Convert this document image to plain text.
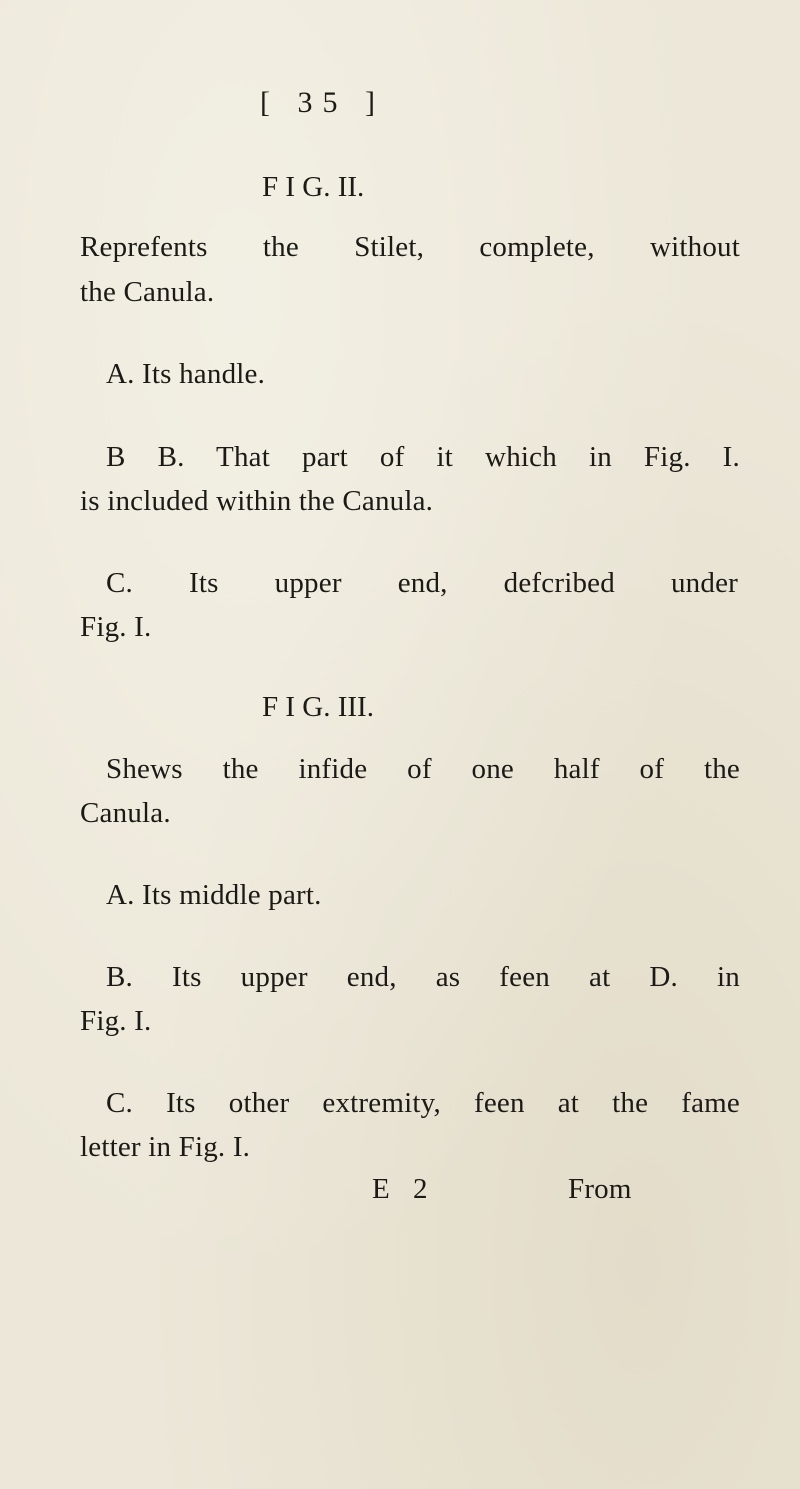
[ 35 ]

F I G. II.

Reprefents the Stilet, complete, without

the Canula.

A. Its handle.

B B. That part of it which in Fig. I.

is included within the Canula.

C. Its upper end, defcribed under

Fig. I.

F I G. III.

Shews the infide of one half of the

Canula.

A. Its middle part.

B. Its upper end, as feen at D. in

Fig. I.

C. Its other extremity, feen at the fame

letter in Fig. I.

E 2	From
